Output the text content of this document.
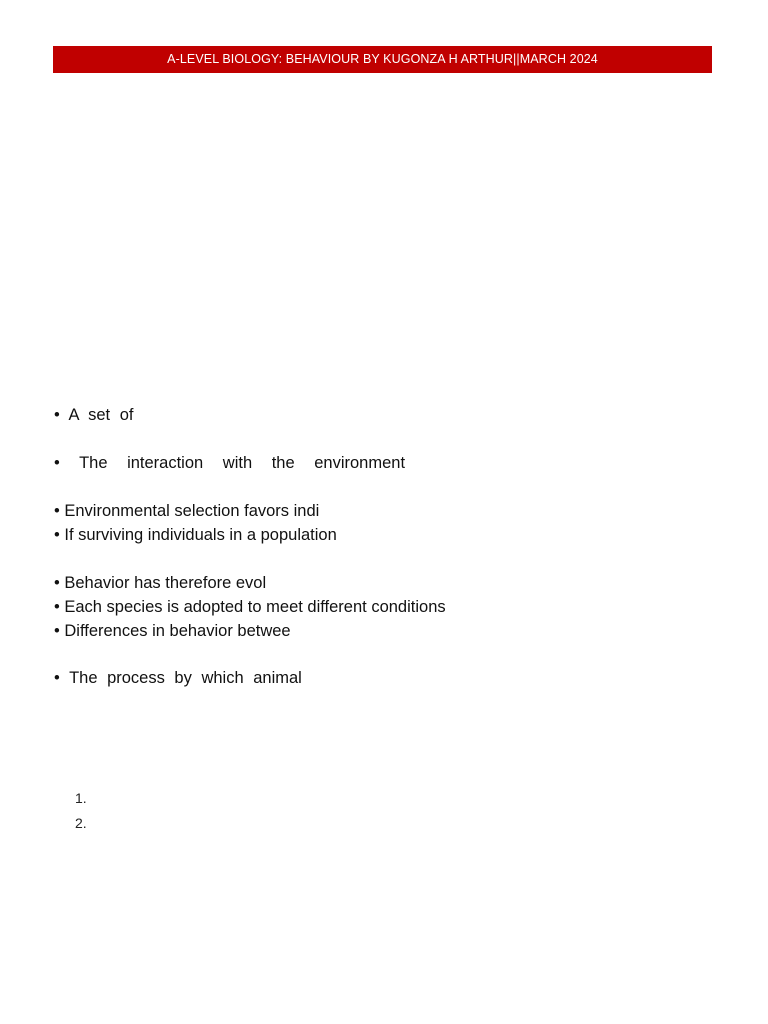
A-LEVEL BIOLOGY: BEHAVIOUR BY KUGONZA H ARTHUR||MARCH 2024
• A set of
• The interaction with the environment
• Environmental selection favors indi
• If surviving individuals in a population
• Behavior has therefore evol
• Each species is adopted to meet different conditions
• Differences in behavior betwee
• The process by which animal
1.
2.
